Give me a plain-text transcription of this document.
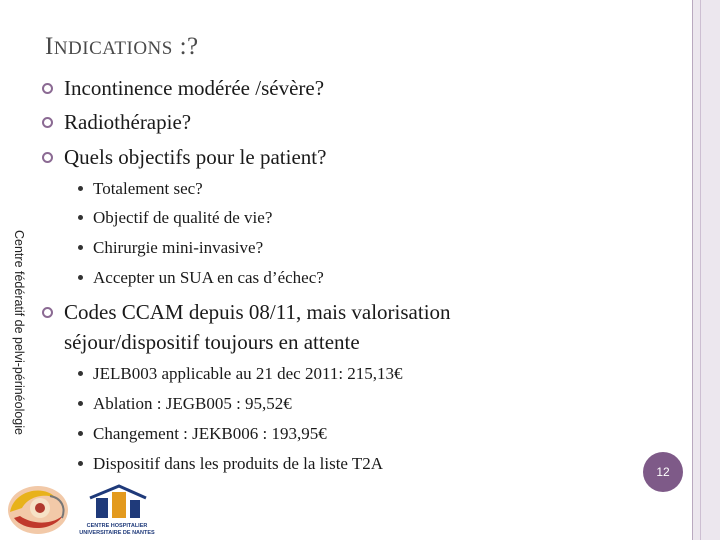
Centre fédératif de pelvi-périnéologie
INDICATIONS :?
Incontinence modérée /sévère?
Radiothérapie?
Quels objectifs pour le patient?
Totalement sec?
Objectif de qualité de vie?
Chirurgie mini-invasive?
Accepter un SUA en cas d’échec?
Codes CCAM depuis 08/11, mais valorisation
séjour/dispositif toujours en attente
JELB003 applicable au 21 dec 2011: 215,13€
Ablation : JEGB005 : 95,52€
Changement : JEKB006 : 193,95€
Dispositif dans les produits de la liste T2A	12
CENTRE HOSPITALIER
UNIVERSITAIRE DE NANTES
